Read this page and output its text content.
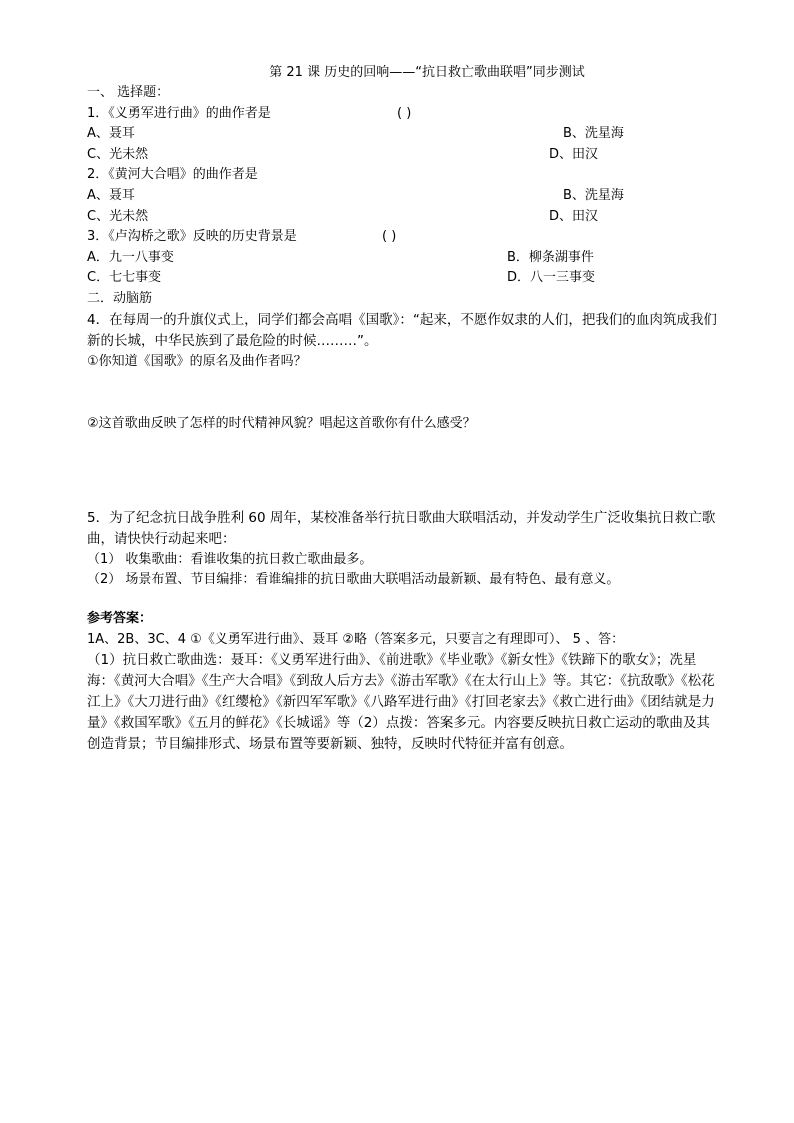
第 21 课 历史的回响——“抗日救亡歌曲联唱”同步测试
一、 选择题：
1．《义勇军进行曲》的曲作者是	( )
A、聂耳	B、洗星海
C、光未然	D、田汉
2．《黄河大合唱》的曲作者是
A、聂耳	B、洗星海
C、光未然	D、田汉
3．《卢沟桥之歌》反映的历史背景是	( )
A．九一八事变	B．柳条湖事件
C．七七事变	D．八一三事变
二．动脑筋
4．在每周一的升旗仪式上，同学们都会高唱《国歌》：“起来，不愿作奴隶的人们，把我们的血肉筑成我们新的长城，中华民族到了最危险的时候………”。
①你知道《国歌》的原名及曲作者吗？
②这首歌曲反映了怎样的时代精神风貌？唱起这首歌你有什么感受？
5．为了纪念抗日战争胜利 60 周年，某校准备举行抗日歌曲大联唱活动，并发动学生广泛收集抗日救亡歌曲，请快快行动起来吧：
（1） 收集歌曲：看谁收集的抗日救亡歌曲最多。
（2） 场景布置、节目编排：看谁编排的抗日歌曲大联唱活动最新颖、最有特色、最有意义。
参考答案：
1A、2B、3C、4 ①《义勇军进行曲》、聂耳 ②略（答案多元，只要言之有理即可）、 5 、答：
（1）抗日救亡歌曲选：聂耳：《义勇军进行曲》、《前进歌》《毕业歌》《新女性》《铁蹄下的歌女》；冼星海：《黄河大合唱》《生产大合唱》《到敌人后方去》《游击军歌》《在太行山上》等。其它：《抗敌歌》《松花江上》《大刀进行曲》《红缨枪》《新四军军歌》《八路军进行曲》《打回老家去》《救亡进行曲》《团结就是力量》《救国军歌》《五月的鲜花》《长城谣》等（2）点拨：答案多元。内容要反映抗日救亡运动的歌曲及其创造背景；节目编排形式、场景布置等要新颖、独特，反映时代特征并富有创意。
